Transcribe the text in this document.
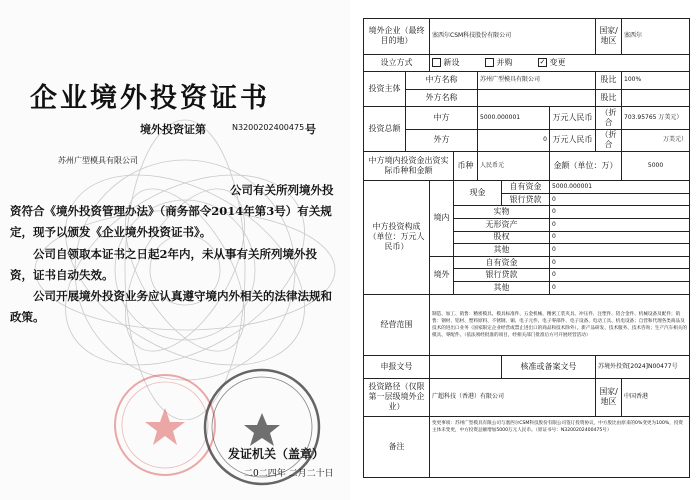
企业境外投资证书
境外投资证第	N3200202400475 号
苏州广型模具有限公司
公司有关所列境外投资符合《境外投资管理办法》（商务部令2014年第3号）有关规定，现予以颁发《企业境外投资证书》。
公司自领取本证书之日起2年内，未从事有关所列境外投资，证书自动失效。
公司开展境外投资业务应认真遵守境内外相关的法律法规和政策。
发证机关（盖章）
二0二四年 二月二十日
境外企业（最终目的地）		塞西尔CSM科技股份有限公司					国家/地区	塞西尔
设立方式		新设 并购 ✓ 变更						
投资主体	中方名称			苏州广型模具有限公司			股比	100%
	外方名称						股比	
投资总额	中方			5000.000001		万元人民币	（折合	703.95765 万美元）
	外方			0		万元人民币	（折合	万美元）

中方境内投资金出资实际币种和金额			币种	人民币元		金额（单位：万）		5000
中方投资构成（单位：万元人民币）		境内	现金		自有资金	5000.000001		
					银行贷款	0		
			实物			0		
			无形资产			0		
			股权			0		
			其他			0		
		境外	自有资金			0		
			银行贷款			0		
			其他			0		
经营范围		制造、加工、销售：精密模具、模具标准件、五金机械、精密工装夹具、冲压件、注塑件、铝合金件、机械设备及配件；销售：钢材、铝材、塑料原料、不锈钢、铜、电子元件、电子零部件、电子设备、电动工具、机电设备；自营和代理各类商品及技术的进出口业务（国家限定企业经营或禁止进出口的商品和技术除外）。新产品研发、技术服务、技术咨询；生产汽车相关的模具、零配件。（依法须经批准的项目，经相关部门批准后方可开展经营活动）						
申报文号					核准或备案文号		苏境外投资[2024]N00477号	
投资路径（仅限第一层级境外企业）		广超科技（香港）有限公司					国家/地区	中国香港
备注		变更事项：苏州广型模具有限公司与塞西尔CSM科技股份有限公司签订投资协议，中方股比由原来的0%变更为100%，投资主体未变更，中方投资总额增加5000万元人民币。（原证书号：N3200202400475号）						
